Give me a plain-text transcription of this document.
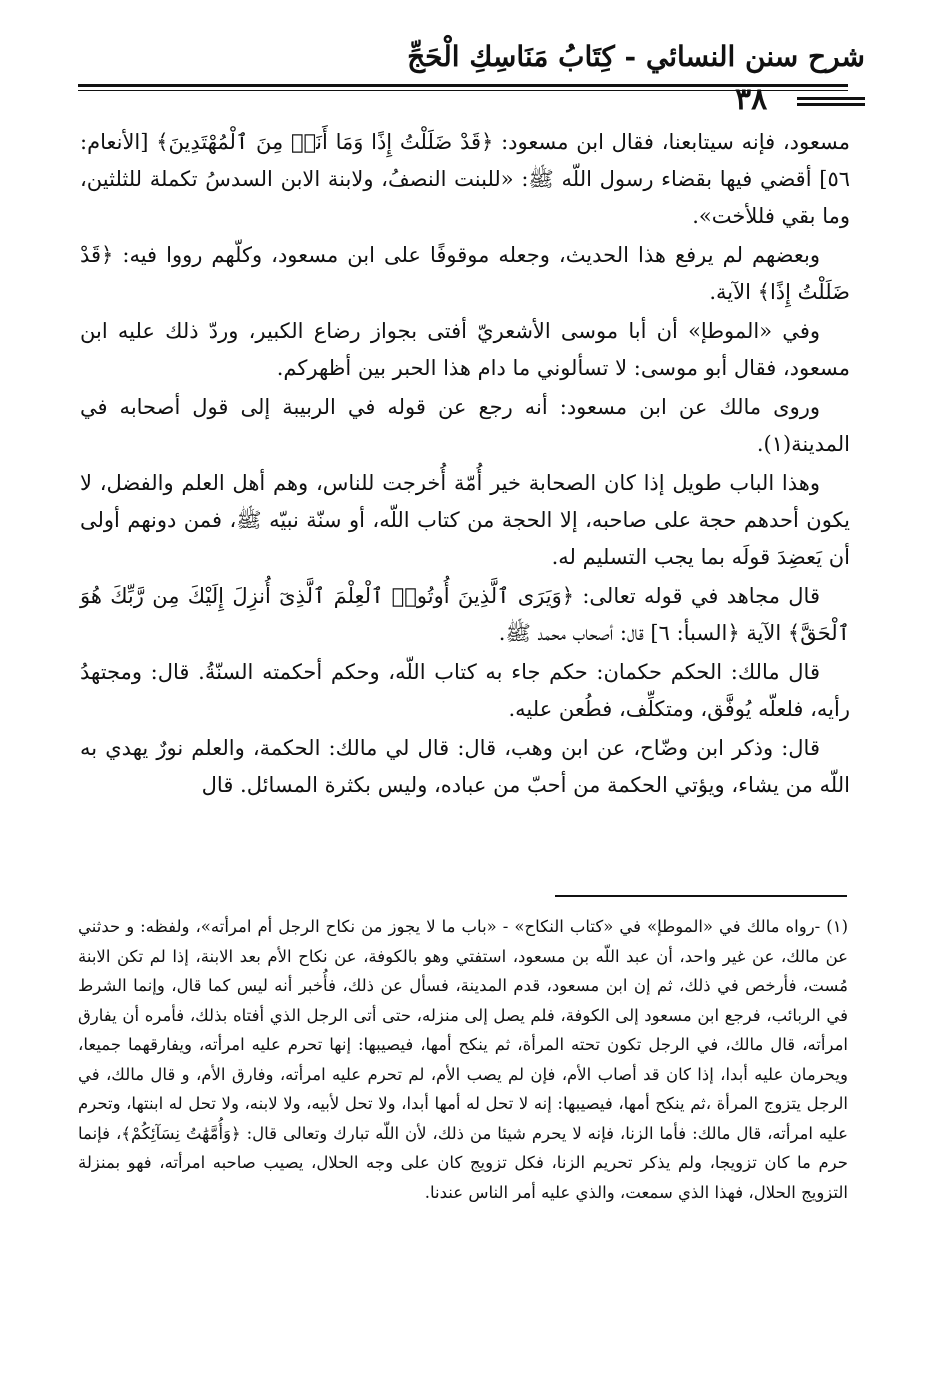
شرح سنن النسائي - كِتَابُ مَنَاسِكِ الْحَجِّ
٣٨

مسعود، فإنه سيتابعنا، فقال ابن مسعود: ﴿قَدْ ضَلَلْتُ إِذًا وَمَا أَنَا۠ مِنَ ٱلْمُهْتَدِينَ﴾ [الأنعام: ٥٦] أقضي فيها بقضاء رسول اللّه ﷺ: «للبنت النصفُ، ولابنة الابن السدسُ تكملة للثلثين، وما بقي فللأخت».

وبعضهم لم يرفع هذا الحديث، وجعله موقوفًا على ابن مسعود، وكلّهم رووا فيه: ﴿قَدْ ضَلَلْتُ إِذًا﴾ الآية.

وفي «الموطإ» أن أبا موسى الأشعريّ أفتى بجواز رضاع الكبير، وردّ ذلك عليه ابن مسعود، فقال أبو موسى: لا تسألوني ما دام هذا الحبر بين أظهركم.

وروى مالك عن ابن مسعود: أنه رجع عن قوله في الربيبة إلى قول أصحابه في المدينة(١).

وهذا الباب طويل إذا كان الصحابة خير أُمّة أُخرجت للناس، وهم أهل العلم والفضل، لا يكون أحدهم حجة على صاحبه، إلا الحجة من كتاب اللّه، أو سنّة نبيّه ﷺ، فمن دونهم أولى أن يَعضِدَ قولَه بما يجب التسليم له.

قال مجاهد في قوله تعالى: ﴿وَيَرَى ٱلَّذِينَ أُوتُوا۟ ٱلْعِلْمَ ٱلَّذِىٓ أُنزِلَ إِلَيْكَ مِن رَّبِّكَ هُوَ ٱلْحَقَّ﴾ الآية ﴿السبأ: ٦] قال: أصحاب محمد ﷺ.

قال مالك: الحكم حكمان: حكم جاء به كتاب اللّه، وحكم أحكمته السنّةُ. قال: ومجتهدُ رأيه، فلعلّه يُوفَّق، ومتكلِّف، فطُعن عليه.

قال: وذكر ابن وضّاح، عن ابن وهب، قال: قال لي مالك: الحكمة، والعلم نورٌ يهدي به اللّه من يشاء، ويؤتي الحكمة من أحبّ من عباده، وليس بكثرة المسائل. قال

(١) -رواه مالك في «الموطإ» في «كتاب النكاح» - «باب ما لا يجوز من نكاح الرجل أم امرأته»، ولفظه: و حدثني عن مالك، عن غير واحد، أن عبد اللّه بن مسعود، استفتي وهو بالكوفة، عن نكاح الأم بعد الابنة، إذا لم تكن الابنة مُست، فأرخص في ذلك، ثم إن ابن مسعود، قدم المدينة، فسأل عن ذلك، فأُخبر أنه ليس كما قال، وإنما الشرط في الربائب، فرجع ابن مسعود إلى الكوفة، فلم يصل إلى منزله، حتى أتى الرجل الذي أفتاه بذلك، فأمره أن يفارق امرأته، قال مالك، في الرجل تكون تحته المرأة، ثم ينكح أمها، فيصيبها: إنها تحرم عليه امرأته، ويفارقهما جميعا، ويحرمان عليه أبدا، إذا كان قد أصاب الأم، فإن لم يصب الأم، لم تحرم عليه امرأته، وفارق الأم، و قال مالك، في الرجل يتزوج المرأة ،ثم ينكح أمها، فيصيبها: إنه لا تحل له أمها أبدا، ولا تحل لأبيه، ولا لابنه، ولا تحل له ابنتها، وتحرم عليه امرأته، قال مالك: فأما الزنا، فإنه لا يحرم شيئا من ذلك، لأن اللّه تبارك وتعالى قال: ﴿وَأُمَّهَٰتُ نِسَآئِكُمْ﴾، فإنما حرم ما كان تزويجا، ولم يذكر تحريم الزنا، فكل تزويج كان على وجه الحلال، يصيب صاحبه امرأته، فهو بمنزلة التزويج الحلال، فهذا الذي سمعت، والذي عليه أمر الناس عندنا.
